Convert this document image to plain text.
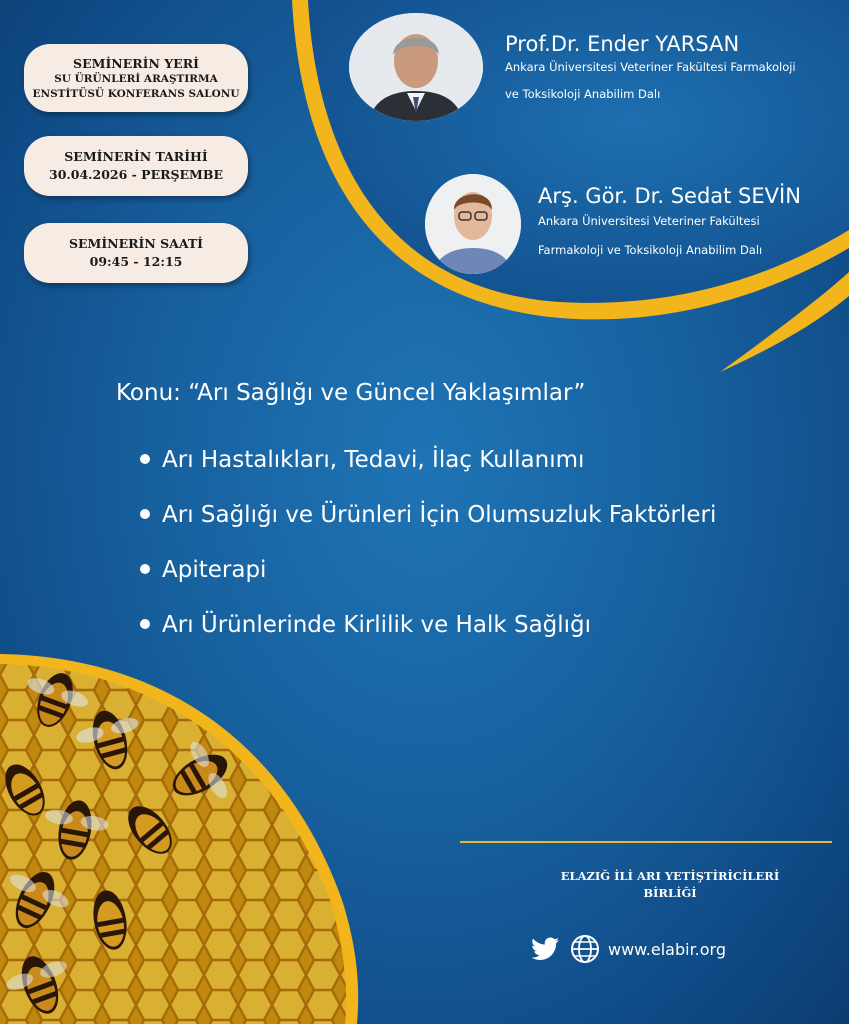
SEMİNERİN YERİ
SU ÜRÜNLERİ ARAŞTIRMA
ENSTİTÜSÜ KONFERANS SALONU
SEMİNERİN TARİHİ
30.04.2026 - PERŞEMBE
SEMİNERİN SAATİ
09:45 - 12:15
Prof.Dr. Ender YARSAN
Ankara Üniversitesi Veteriner Fakültesi Farmakoloji
ve Toksikoloji Anabilim Dalı
Arş. Gör. Dr. Sedat SEVİN
Ankara Üniversitesi Veteriner Fakültesi
Farmakoloji ve Toksikoloji Anabilim Dalı
Konu: “Arı Sağlığı ve Güncel Yaklaşımlar”
Arı Hastalıkları, Tedavi, İlaç Kullanımı
Arı Sağlığı ve Ürünleri İçin Olumsuzluk Faktörleri
Apiterapi
Arı Ürünlerinde Kirlilik ve Halk Sağlığı
ELAZIĞ İLİ ARI YETİŞTİRİCİLERİ
BİRLİĞİ
www.elabir.org
